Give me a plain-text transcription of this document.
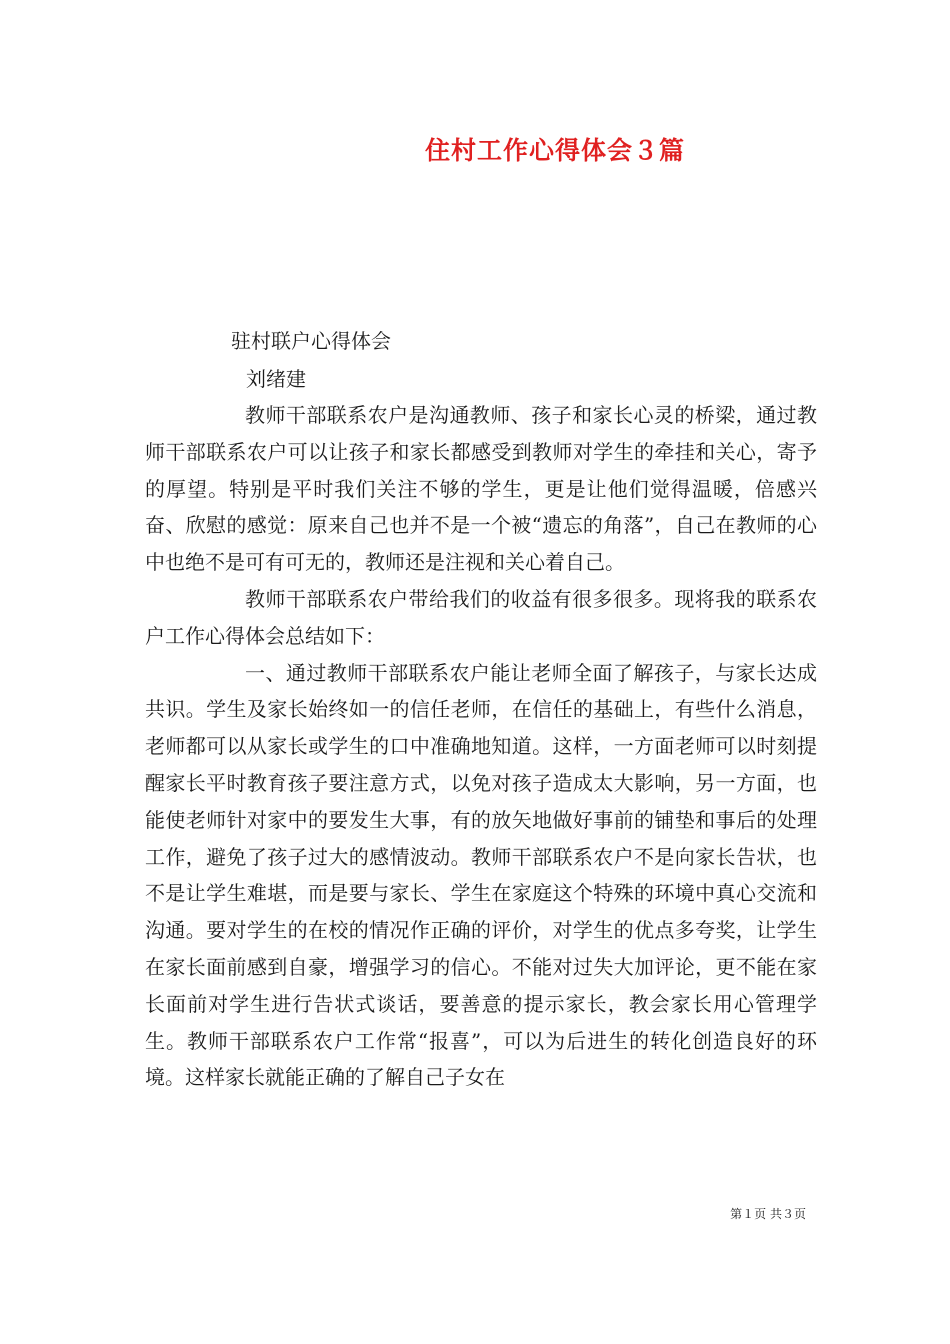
住村工作心得体会３篇
驻村联户心得体会
刘绪建

教师干部联系农户是沟通教师、孩子和家长心灵的桥梁，通过教师干部联系农户可以让孩子和家长都感受到教师对学生的牵挂和关心，寄予的厚望。特别是平时我们关注不够的学生，更是让他们觉得温暖，倍感兴奋、欣慰的感觉：原来自己也并不是一个被“遗忘的角落”，自己在教师的心中也绝不是可有可无的，教师还是注视和关心着自己。

教师干部联系农户带给我们的收益有很多很多。现将我的联系农户工作心得体会总结如下：

一、通过教师干部联系农户能让老师全面了解孩子，与家长达成共识。学生及家长始终如一的信任老师，在信任的基础上，有些什么消息，老师都可以从家长或学生的口中准确地知道。这样，一方面老师可以时刻提醒家长平时教育孩子要注意方式，以免对孩子造成太大影响，另一方面，也能使老师针对家中的要发生大事，有的放矢地做好事前的铺垫和事后的处理工作，避免了孩子过大的感情波动。教师干部联系农户不是向家长告状，也不是让学生难堪，而是要与家长、学生在家庭这个特殊的环境中真心交流和沟通。要对学生的在校的情况作正确的评价，对学生的优点多夸奖，让学生在家长面前感到自豪，增强学习的信心。不能对过失大加评论，更不能在家长面前对学生进行告状式谈话，要善意的提示家长，教会家长用心管理学生。教师干部联系农户工作常“报喜”，可以为后进生的转化创造良好的环境。这样家长就能正确的了解自己子女在

第１页 共３页
